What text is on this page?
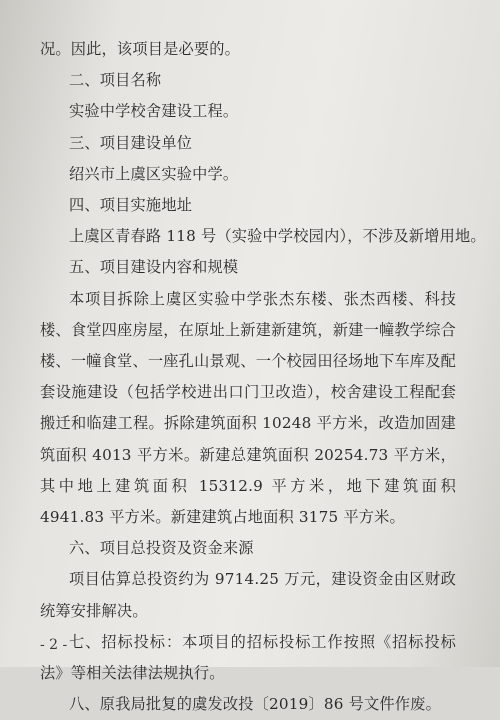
况。因此，该项目是必要的。
二、项目名称
实验中学校舍建设工程。
三、项目建设单位
绍兴市上虞区实验中学。
四、项目实施地址
上虞区青春路 118 号（实验中学校园内），不涉及新增用地。
五、项目建设内容和规模
本项目拆除上虞区实验中学张杰东楼、张杰西楼、科技楼、食堂四座房屋，在原址上新建新建筑，新建一幢教学综合楼、一幢食堂、一座孔山景观、一个校园田径场地下车库及配套设施建设（包括学校进出口门卫改造），校舍建设工程配套搬迁和临建工程。拆除建筑面积 10248 平方米，改造加固建筑面积 4013 平方米。新建总建筑面积 20254.73 平方米，其中地上建筑面积 15312.9 平方米，地下建筑面积 4941.83 平方米。新建建筑占地面积 3175 平方米。
六、项目总投资及资金来源
项目估算总投资约为 9714.25 万元，建设资金由区财政统筹安排解决。
七、招标投标：本项目的招标投标工作按照《招标投标法》等相关法律法规执行。
八、原我局批复的虞发改投〔2019〕86 号文件作废。
- 2 -
